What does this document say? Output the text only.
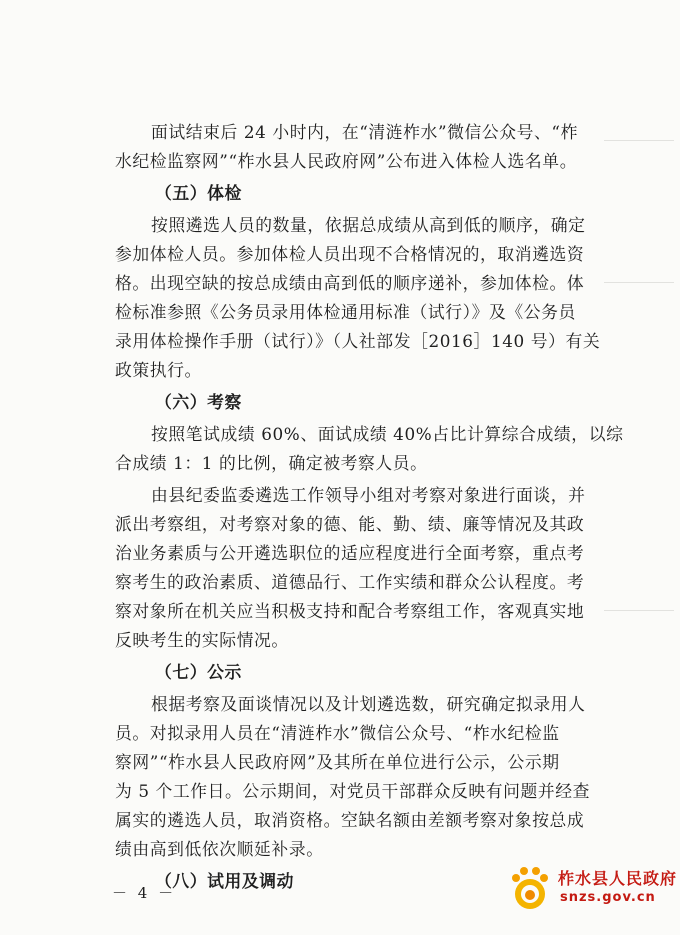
面试结束后 24 小时内，在“清涟柞水”微信公众号、“柞
水纪检监察网”“柞水县人民政府网”公布进入体检人选名单。
（五）体检
按照遴选人员的数量，依据总成绩从高到低的顺序，确定
参加体检人员。参加体检人员出现不合格情况的，取消遴选资
格。出现空缺的按总成绩由高到低的顺序递补，参加体检。体
检标准参照《公务员录用体检通用标准（试行）》及《公务员
录用体检操作手册（试行）》（人社部发［2016］140 号）有关
政策执行。
（六）考察
按照笔试成绩 60%、面试成绩 40%占比计算综合成绩，以综
合成绩 1：1 的比例，确定被考察人员。
由县纪委监委遴选工作领导小组对考察对象进行面谈，并
派出考察组，对考察对象的德、能、勤、绩、廉等情况及其政
治业务素质与公开遴选职位的适应程度进行全面考察，重点考
察考生的政治素质、道德品行、工作实绩和群众公认程度。考
察对象所在机关应当积极支持和配合考察组工作，客观真实地
反映考生的实际情况。
（七）公示
根据考察及面谈情况以及计划遴选数，研究确定拟录用人
员。对拟录用人员在“清涟柞水”微信公众号、“柞水纪检监
察网”“柞水县人民政府网”及其所在单位进行公示，公示期
为 5 个工作日。公示期间，对党员干部群众反映有问题并经查
属实的遴选人员，取消资格。空缺名额由差额考察对象按总成
绩由高到低依次顺延补录。
（八）试用及调动
－ 4 －
柞水县人民政府
snzs.gov.cn
